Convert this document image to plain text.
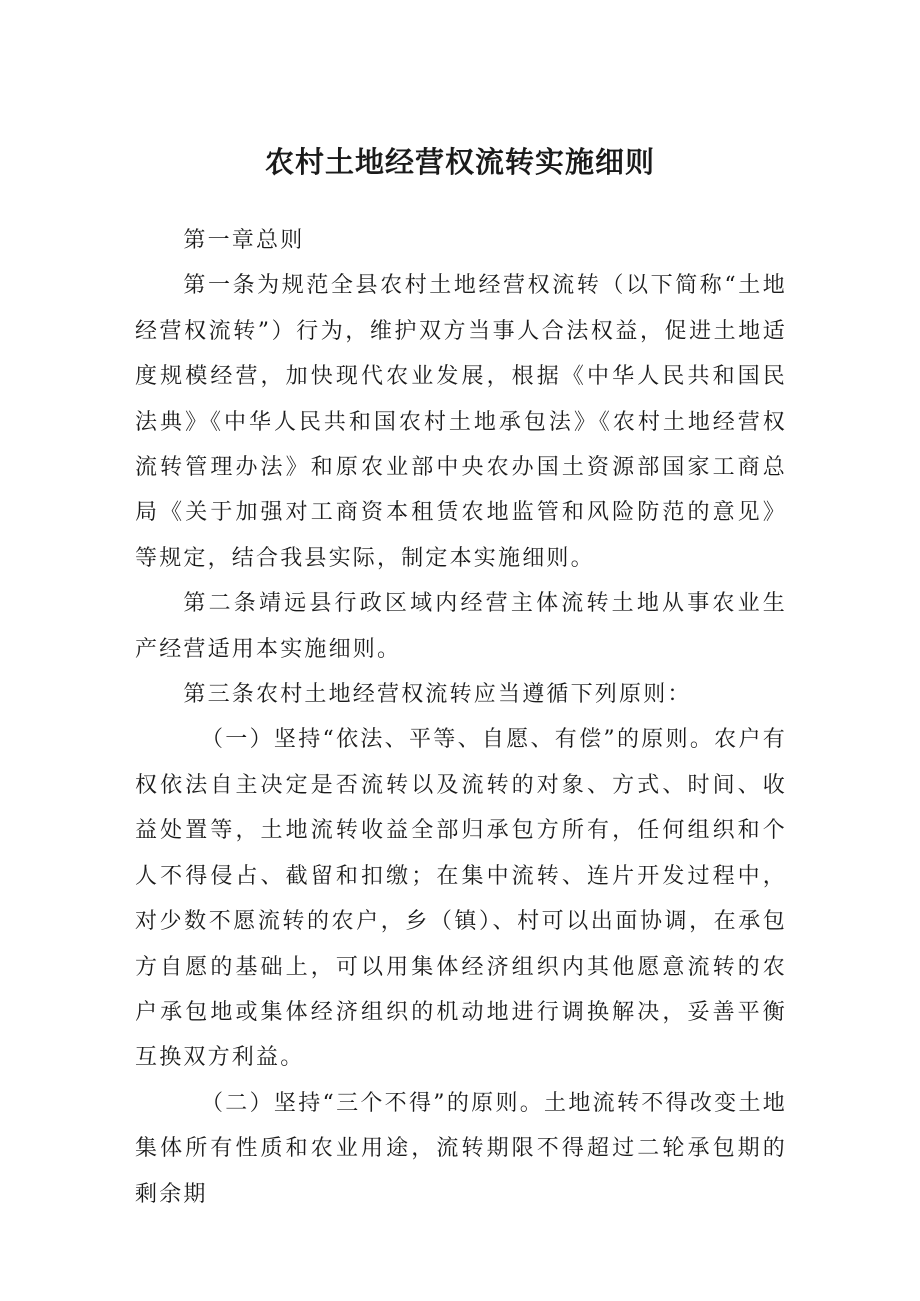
农村土地经营权流转实施细则

第一章总则

第一条为规范全县农村土地经营权流转（以下简称“土地经营权流转”）行为，维护双方当事人合法权益，促进土地适度规模经营，加快现代农业发展，根据《中华人民共和国民法典》《中华人民共和国农村土地承包法》《农村土地经营权流转管理办法》和原农业部中央农办国土资源部国家工商总局《关于加强对工商资本租赁农地监管和风险防范的意见》等规定，结合我县实际，制定本实施细则。

第二条靖远县行政区域内经营主体流转土地从事农业生产经营适用本实施细则。

第三条农村土地经营权流转应当遵循下列原则：

（一）坚持“依法、平等、自愿、有偿”的原则。农户有权依法自主决定是否流转以及流转的对象、方式、时间、收益处置等，土地流转收益全部归承包方所有，任何组织和个人不得侵占、截留和扣缴；在集中流转、连片开发过程中，对少数不愿流转的农户，乡（镇）、村可以出面协调，在承包方自愿的基础上，可以用集体经济组织内其他愿意流转的农户承包地或集体经济组织的机动地进行调换解决，妥善平衡互换双方利益。

（二）坚持“三个不得”的原则。土地流转不得改变土地集体所有性质和农业用途，流转期限不得超过二轮承包期的剩余期
